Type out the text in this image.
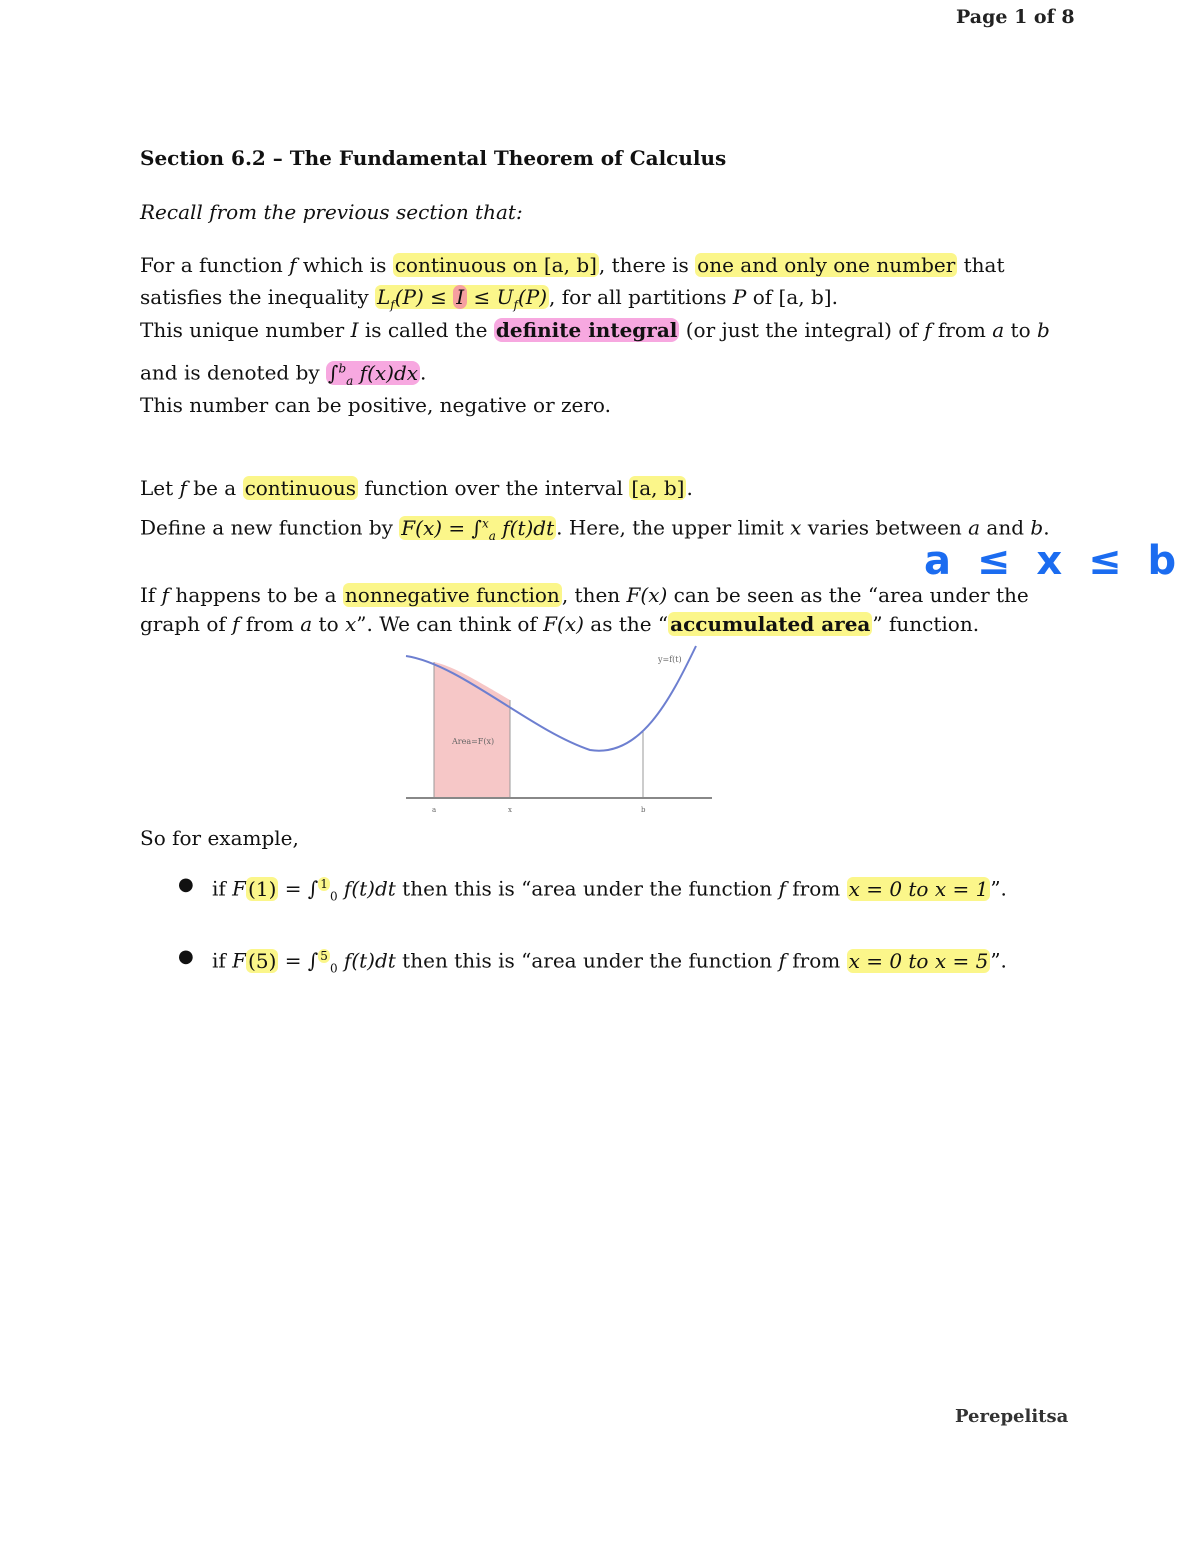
Page 1 of 8
Section 6.2 – The Fundamental Theorem of Calculus
Recall from the previous section that:
For a function f which is continuous on [a, b] , there is one and only one number that
satisfies the inequality $L_f(P) \le I \le U_f(P)$ , for all partitions P of [a, b].
This unique number I is called the definite integral (or just the integral) of f from a to b
and is denoted by ∫$^b_a$ f(x)dx .
This number can be positive, negative or zero.
Let f be a continuous function over the interval [a, b] .
Define a new function by F(x) = ∫$^x_a$ f(t)dt . Here, the upper limit x varies between a and b.
a ≤ x ≤ b
If f happens to be a nonnegative function , then F(x) can be seen as the “area under the
graph of f from a to x”. We can think of F(x) as the “ accumulated area ” function.
y=f(t)
Area=F(x)
a	x	b
So for example,
● if F (1) = ∫ $^1_0$ f(t)dt then this is “area under the function f from x = 0 to x = 1 ”.
● if F (5) = ∫ $^5_0$ f(t)dt then this is “area under the function f from x = 0 to x = 5 ”.
Perepelitsa
